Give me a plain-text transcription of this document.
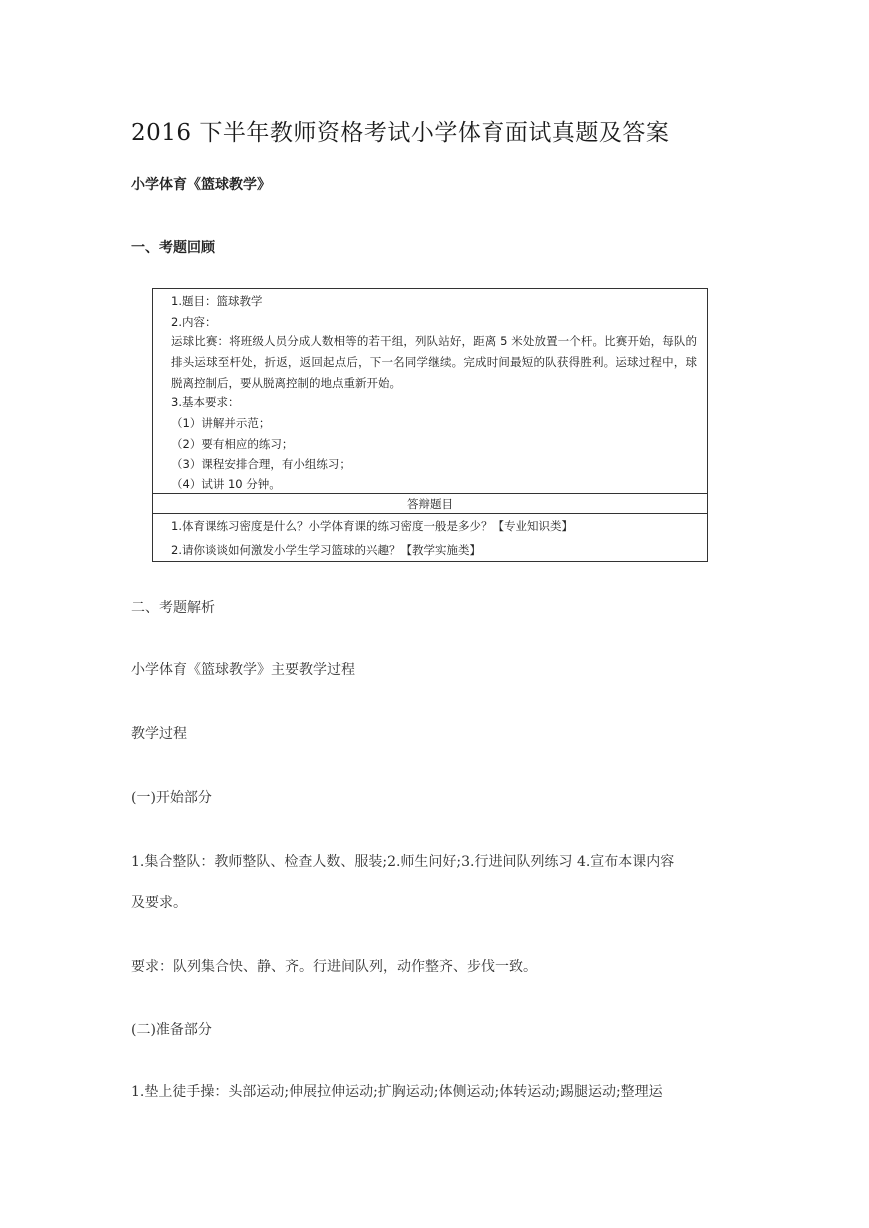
2016 下半年教师资格考试小学体育面试真题及答案
小学体育《篮球教学》
一、考题回顾
1.题目：篮球教学
2.内容：
运球比赛：将班级人员分成人数相等的若干组，列队站好，距离 5 米处放置一个杆。比赛开始，每队的排头运球至杆处，折返，返回起点后，下一名同学继续。完成时间最短的队获得胜利。运球过程中，球脱离控制后，要从脱离控制的地点重新开始。
3.基本要求：
（1）讲解并示范；
（2）要有相应的练习；
（3）课程安排合理，有小组练习；
（4）试讲 10 分钟。
答辩题目
1.体育课练习密度是什么？小学体育课的练习密度一般是多少？【专业知识类】
2.请你谈谈如何激发小学生学习篮球的兴趣？【教学实施类】
二、考题解析
小学体育《篮球教学》主要教学过程
教学过程
(一)开始部分
1.集合整队：教师整队、检查人数、服装;2.师生问好;3.行进间队列练习 4.宣布本课内容
及要求。
要求：队列集合快、静、齐。行进间队列，动作整齐、步伐一致。
(二)准备部分
1.垫上徒手操：头部运动;伸展拉伸运动;扩胸运动;体侧运动;体转运动;踢腿运动;整理运
